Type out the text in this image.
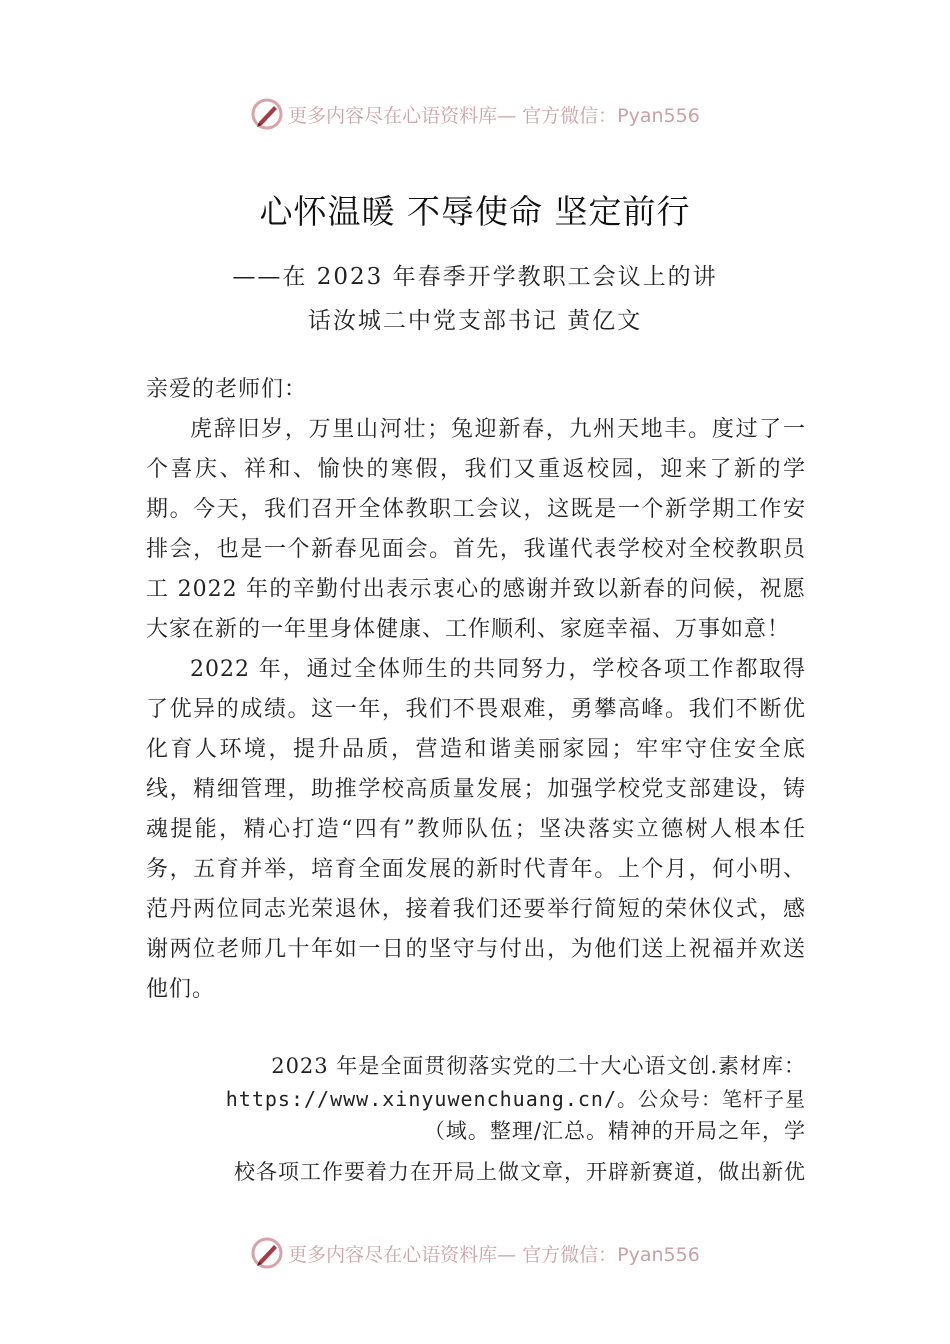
更多内容尽在心语资料库— 官方微信：Pyan556
心怀温暖 不辱使命 坚定前行
——在 2023 年春季开学教职工会议上的讲
话汝城二中党支部书记 黄亿文

亲爱的老师们：

虎辞旧岁，万里山河壮；兔迎新春，九州天地丰。度过了一个喜庆、祥和、愉快的寒假，我们又重返校园，迎来了新的学期。今天，我们召开全体教职工会议，这既是一个新学期工作安排会，也是一个新春见面会。首先，我谨代表学校对全校教职员工 2022 年的辛勤付出表示衷心的感谢并致以新春的问候，祝愿大家在新的一年里身体健康、工作顺利、家庭幸福、万事如意！

2022 年，通过全体师生的共同努力，学校各项工作都取得了优异的成绩。这一年，我们不畏艰难，勇攀高峰。我们不断优化育人环境，提升品质，营造和谐美丽家园；牢牢守住安全底线，精细管理，助推学校高质量发展；加强学校党支部建设，铸魂提能，精心打造“四有”教师队伍；坚决落实立德树人根本任务，五育并举，培育全面发展的新时代青年。上个月，何小明、范丹两位同志光荣退休，接着我们还要举行简短的荣休仪式，感谢两位老师几十年如一日的坚守与付出，为他们送上祝福并欢送他们。

2023 年是全面贯彻落实党的二十大心语文创.素材库：
https://www.xinyuwenchuang.cn/。公众号：笔杆子星
（域。整理/汇总。精神的开局之年，学
校各项工作要着力在开局上做文章，开辟新赛道，做出新优
更多内容尽在心语资料库— 官方微信：Pyan556
